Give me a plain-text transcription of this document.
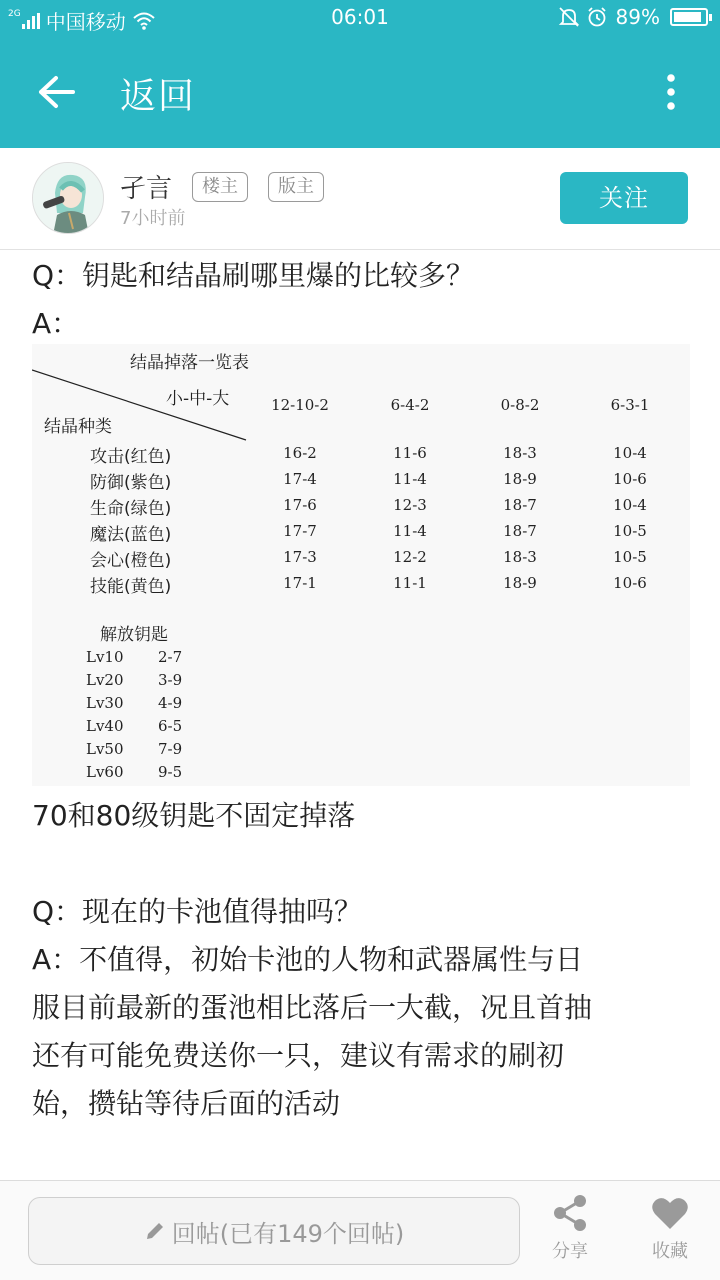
2G 中国移动	06:01	89%
返回
孑言	楼主	版主
7小时前
关注
Q：钥匙和结晶刷哪里爆的比较多？
A：
结晶掉落一览表
小-中-大
结晶种类
12-10-2	6-4-2	0-8-2	6-3-1
攻击(红色)	16-2	11-6	18-3	10-4
防御(紫色)	17-4	11-4	18-9	10-6
生命(绿色)	17-6	12-3	18-7	10-4
魔法(蓝色)	17-7	11-4	18-7	10-5
会心(橙色)	17-3	12-2	18-3	10-5
技能(黄色)	17-1	11-1	18-9	10-6
解放钥匙
Lv10 2-7
Lv20 3-9
Lv30 4-9
Lv40 6-5
Lv50 7-9
Lv60 9-5
70和80级钥匙不固定掉落
Q：现在的卡池值得抽吗？
A：不值得，初始卡池的人物和武器属性与日
服目前最新的蛋池相比落后一大截，况且首抽
还有可能免费送你一只，建议有需求的刷初
始，攒钻等待后面的活动
回帖(已有149个回帖)
分享	收藏
